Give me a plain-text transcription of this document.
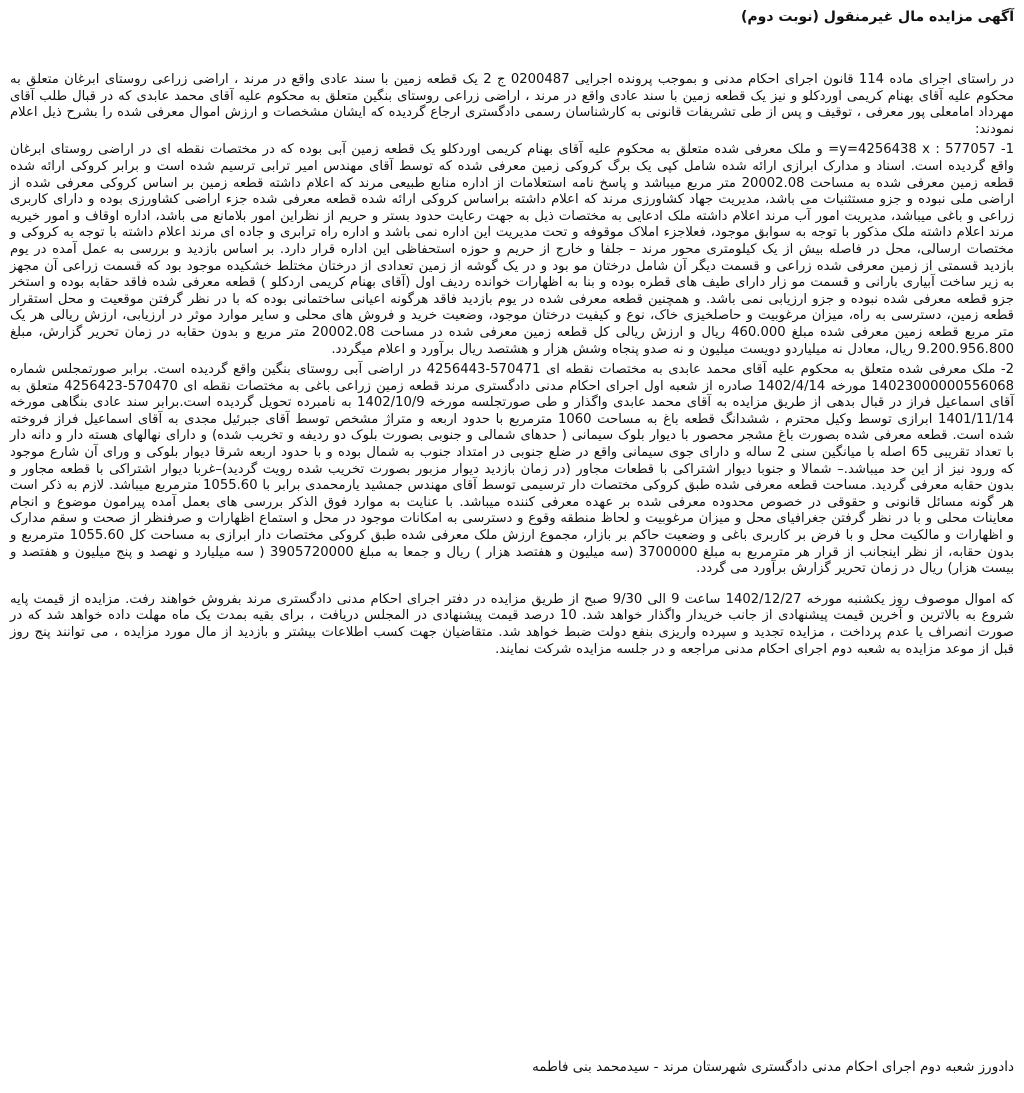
آگهی مزایده مال غیرمنقول (نوبت دوم)

در راستای اجرای ماده 114 قانون اجرای احکام مدنی و بموجب پرونده اجرایی 0200487 ج 2 یک قطعه زمین با سند عادی واقع در مرند ، اراضی زراعی روستای ابرغان متعلق به محکوم علیه آقای بهنام کریمی اوردکلو و نیز یک قطعه زمین با سند عادی واقع در مرند ، اراضی زراعی روستای بنگین متعلق به محکوم علیه آقای محمد عابدی که در قبال طلب آقای مهرداد امامعلی پور معرفی ، توقیف و پس از طی تشریفات قانونی به کارشناسان رسمی دادگستری ارجاع گردیده که ایشان مشخصات و ارزش اموال معرفی شده را بشرح ذیل اعلام نمودند:

1- 577057 : y=4256438 x= و ملک معرفی شده متعلق به محکوم علیه آقای بهنام کریمی اوردکلو یک قطعه زمین آبی بوده که در مختصات نقطه ای در اراضی روستای ابرغان واقع گردیده است. اسناد و مدارک ابرازی ارائه شده شامل کپی یک برگ کروکی زمین معرفی شده که توسط آقای مهندس امیر ترابی ترسیم شده است و برابر کروکی ارائه شده قطعه زمین معرفی شده به مساحت 20002.08 متر مربع میباشد و پاسخ نامه استعلامات از اداره منابع طبیعی مرند که اعلام داشته قطعه زمین بر اساس کروکی معرفی شده از اراضی ملی نبوده و جزو مستثنیات می باشد، مدیریت جهاد کشاورزی مرند که اعلام داشته براساس کروکی ارائه شده قطعه معرفی شده جزء اراضی کشاورزی بوده و دارای کاربری زراعی و باغی میباشد، مدیریت امور آب مرند اعلام داشته ملک ادعایی به مختصات ذیل به جهت رعایت حدود بستر و حریم از نظراین امور بلامانع می باشد، اداره اوقاف و امور خیریه مرند اعلام داشته ملک مذکور با توجه به سوابق موجود، فعلاجزء املاک موقوفه و تحت مدیریت این اداره نمی باشد و اداره راه ترابری و جاده ای مرند اعلام داشته با توجه به کروکی و مختصات ارسالی، محل در فاصله بیش از یک کیلومتری محور مرند – جلفا و خارج از حریم و حوزه استحفاظی این اداره قرار دارد. بر اساس بازدید و بررسی به عمل آمده در یوم بازدید قسمتی از زمین معرفی شده زراعی و قسمت دیگر آن شامل درختان مو بود و در یک گوشه از زمین تعدادی از درختان مختلط خشکیده موجود بود که قسمت زراعی آن مجهز به زیر ساخت آبیاری بارانی و قسمت مو زار دارای طیف های قطره بوده و بنا به اظهارات خوانده ردیف اول (آقای بهنام کریمی اردکلو ) قطعه معرفی شده فاقد حقابه بوده و استخر جزو قطعه معرفی شده نبوده و جزو ارزیابی نمی باشد. و همچنین قطعه معرفی شده در یوم بازدید فاقد هرگونه اعیانی ساختمانی بوده که با در نظر گرفتن موقعیت و محل استقرار قطعه زمین، دسترسی به راه، میزان مرغوبیت و حاصلخیزی خاک، نوع و کیفیت درختان موجود، وضعیت خرید و فروش های محلی و سایر موارد موثر در ارزیابی، ارزش ریالی هر یک متر مربع قطعه زمین معرفی شده مبلغ 460.000 ریال و ارزش ریالی کل قطعه زمین معرفی شده در مساحت 20002.08 متر مربع و بدون حقابه در زمان تحریر گزارش، مبلغ 9.200.956.800 ریال، معادل نه میلیاردو دویست میلیون و نه صدو پنجاه وشش هزار و هشتصد ریال برآورد و اعلام میگردد.

2- ملک معرفی شده متعلق به محکوم علیه آقای محمد عابدی به مختصات نقطه ای 570471-4256443 در اراضی آبی روستای بنگین واقع گردیده است. برابر صورتمجلس شماره 14023000000556068 مورخه 1402/4/14 صادره از شعبه اول اجرای احکام مدنی دادگستری مرند قطعه زمین زراعی باغی به مختصات نقطه ای 570470-4256423 متعلق به آقای اسماعیل فراز در قبال بدهی از طریق مزایده به آقای محمد عابدی واگذار و طی صورتجلسه مورخه 1402/10/9 به نامبرده تحویل گردیده است.برابر سند عادی بنگاهی مورخه 1401/11/14 ابرازی توسط وکیل محترم ، ششدانگ قطعه باغ به مساحت 1060 مترمربع با حدود اربعه و متراژ مشخص توسط آقای جبرئیل مجدی به آقای اسماعیل فراز فروخته شده است. قطعه معرفی شده بصورت باغ مشجر محصور با دیوار بلوک سیمانی ( حدهای شمالی و جنوبی بصورت بلوک دو ردیفه و تخریب شده) و دارای نهالهای هسته دار و دانه دار با تعداد تقریبی 65 اصله با میانگین سنی 2 ساله و دارای جوی سیمانی واقع در ضلع جنوبی در امتداد جنوب به شمال بوده و با حدود اربعه شرقا دیوار بلوکی و ورای آن شارع موجود که ورود نیز از این حد میباشد.– شمالا و جنوبا دیوار اشتراکی با قطعات مجاور (در زمان بازدید دیوار مزبور بصورت تخریب شده رویت گردید)–غربا دیوار اشتراکی با قطعه مجاور و بدون حقابه معرفی گردید. مساحت قطعه معرفی شده طبق کروکی مختصات دار ترسیمی توسط آقای مهندس جمشید یارمحمدی برابر با 1055.60 مترمربع میباشد. لازم به ذکر است هر گونه مسائل قانونی و حقوقی در خصوص محدوده معرفی شده بر عهده معرفی کننده میباشد. با عنایت به موارد فوق الذکر بررسی های بعمل آمده پیرامون موضوع و انجام معاینات محلی و با در نظر گرفتن جغرافیای محل و میزان مرغوبیت و لحاظ منطقه وقوع و دسترسی به امکانات موجود در محل و استماع اظهارات و صرفنظر از صحت و سقم مدارک و اظهارات و مالکیت محل و با فرض بر کاربری باغی و وضعیت حاکم بر بازار، مجموع ارزش ملک معرفی شده طبق کروکی مختصات دار ابرازی به مساحت کل 1055.60 مترمربع و بدون حقابه، از نظر اینجانب از قرار هر مترمربع به مبلغ 3700000 (سه میلیون و هفتصد هزار ) ریال و جمعا به مبلغ 3905720000 ( سه میلیارد و نهصد و پنج میلیون و هفتصد و بیست هزار) ریال در زمان تحریر گزارش برآورد می گردد.

که اموال موصوف روز یکشنبه مورخه 1402/12/27 ساعت 9 الی 9/30 صبح از طریق مزایده در دفتر اجرای احکام مدنی دادگستری مرند بفروش خواهند رفت. مزایده از قیمت پایه شروع به بالاترین و آخرین قیمت پیشنهادی از جانب خریدار واگذار خواهد شد. 10 درصد قیمت پیشنهادی در المجلس دریافت ، برای بقیه بمدت یک ماه مهلت داده خواهد شد که در صورت انصراف یا عدم پرداخت ، مزایده تجدید و سپرده واریزی بنفع دولت ضبط خواهد شد. متقاضیان جهت کسب اطلاعات بیشتر و بازدید از مال مورد مزایده ، می توانند پنج روز قبل از موعد مزایده به شعبه دوم اجرای احکام مدنی مراجعه و در جلسه مزایده شرکت نمایند.

دادورز شعبه دوم اجرای احکام مدنی دادگستری شهرستان مرند - سیدمحمد بنی فاطمه
